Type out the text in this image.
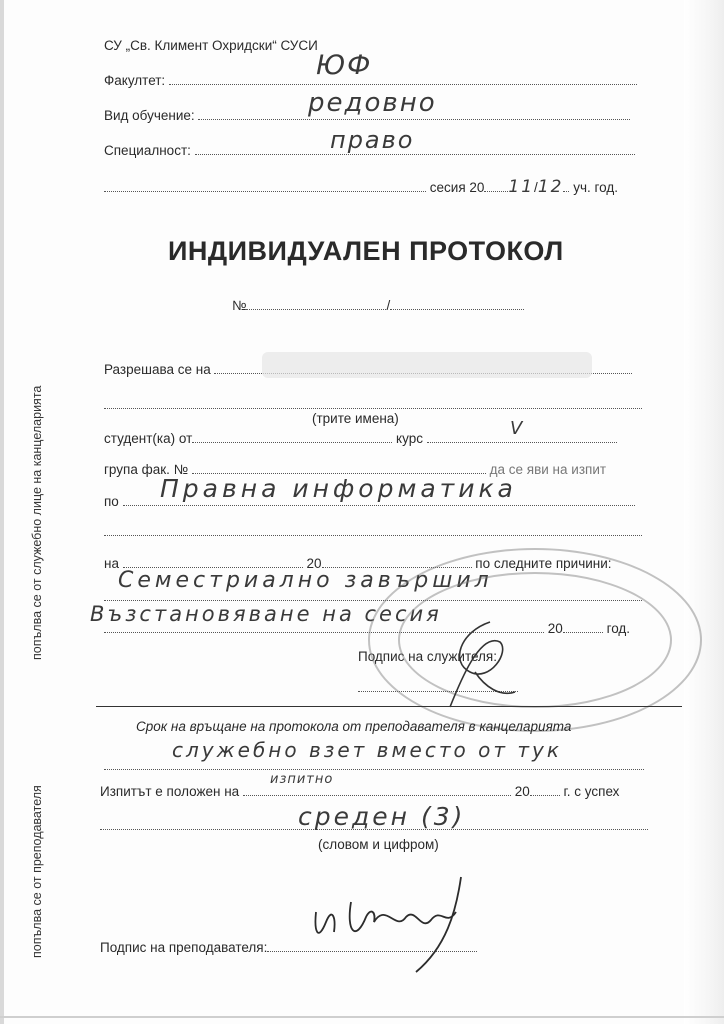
СУ „Св. Климент Охридски“ СУСИ
Факултет:	ЮФ
Вид обучение:	редовно
Специалност:	право
сесия 20 11/12 уч. год.
ИНДИВИДУАЛЕН ПРОТОКОЛ
№	/
попълва се от служебно лице на канцеларията
попълва се от преподавателя
Разрешава се на
(трите имена)
студент(ка) от	курс	V
група фак. №	да се яви на изпит
по	Правна информатика
на	20	по следните причини:
Семестриално завършил
20	год.
Възстановяване на сесия
Подпис на служителя:
Срок на връщане на протокола от преподавателя в канцеларията
служебно взет вместо от тук
Изпитът е положен на	20	г. с успех
изпитно
среден (3)
(словом и цифром)
Подпис на преподавателя:
